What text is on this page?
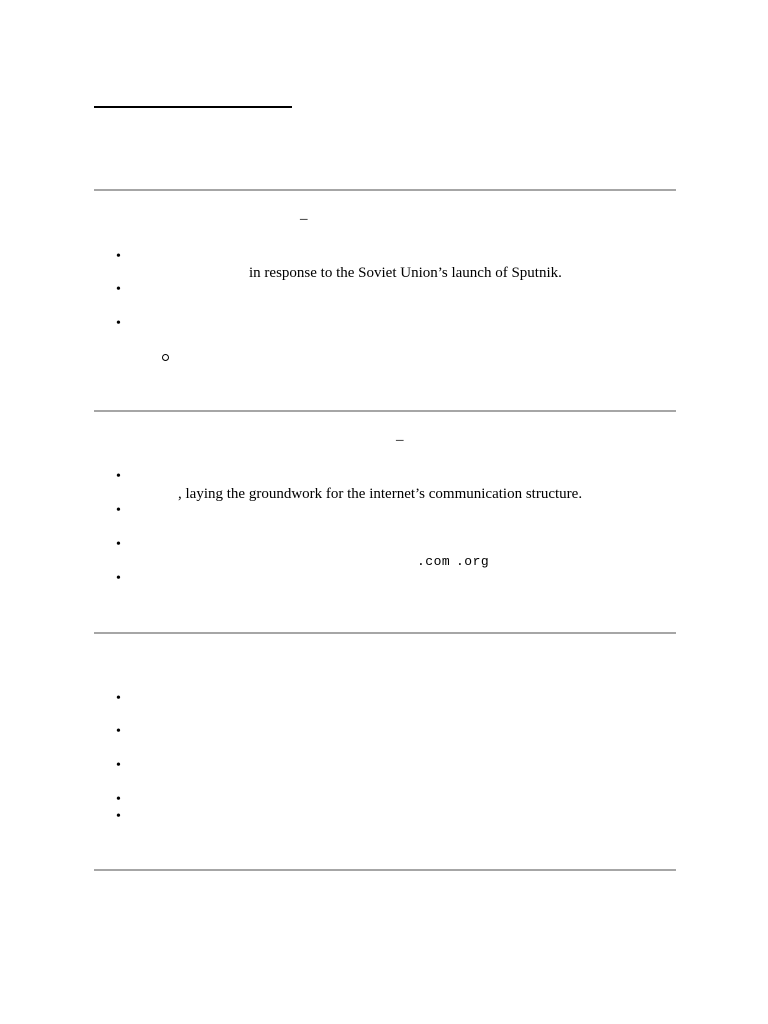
–
•
in response to the Soviet Union’s launch of Sputnik.
•
•
–
•
, laying the groundwork for the internet’s communication structure.
•
•
.com .org
•
•
•
•
•
•
